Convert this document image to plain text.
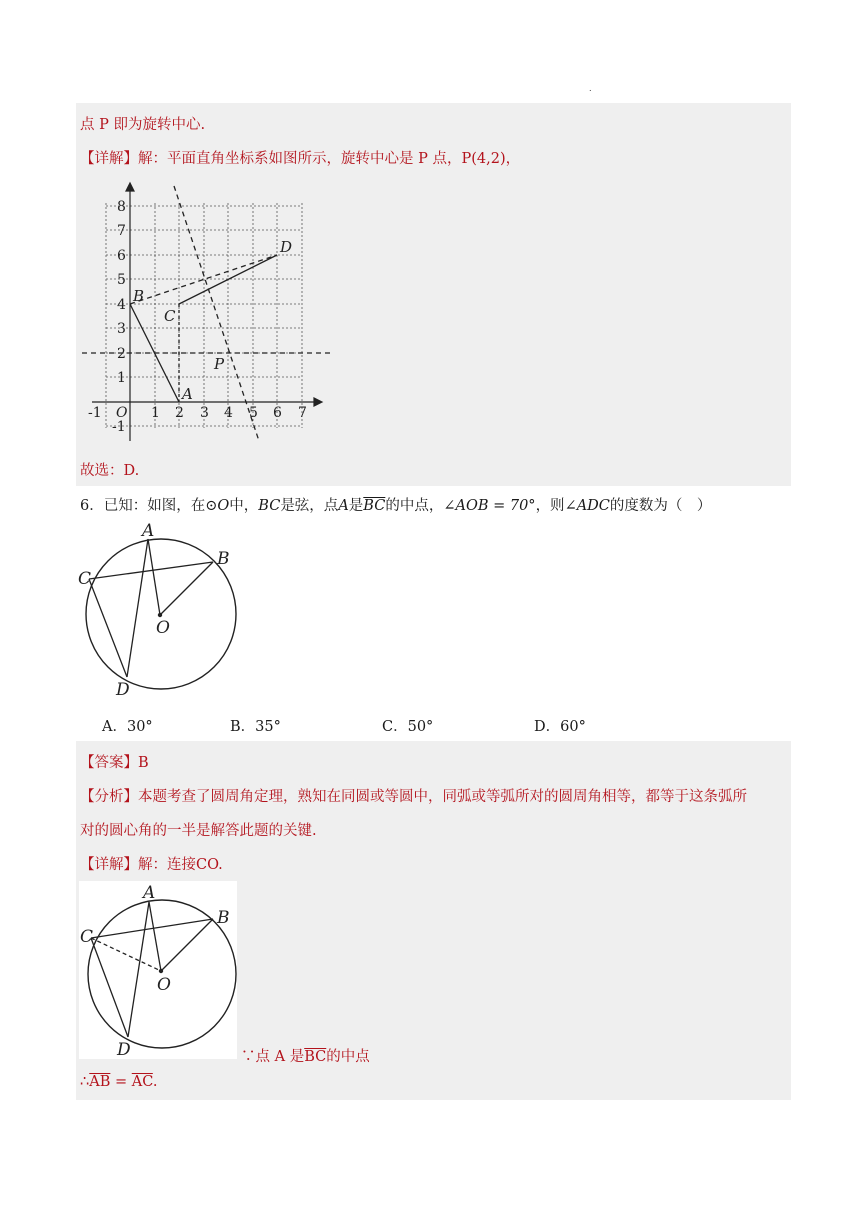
.
点 P 即为旋转中心.
【详解】解：平面直角坐标系如图所示，旋转中心是 P 点，P(4,2)，
-1	1 2 3 4 5 6 7
8
7
6
5
4
3
2
1
-1
O
A
B
C
D
P
故选：D.
6．已知：如图，在⊙O中，BC是弦，点A是$\overline{BC}$的中点，∠AOB = 70°，则∠ADC的度数为（　）
A
B
C
D
O
A．30°	B．35°	C．50°	D．60°
【答案】B
【分析】本题考查了圆周角定理，熟知在同圆或等圆中，同弧或等弧所对的圆周角相等，都等于这条弧所
对的圆心角的一半是解答此题的关键.
【详解】解：连接CO.
A
B
C
D
O
∵点 A 是$\overline{BC}$的中点
$\therefore\overline{AB} = \overline{AC}$.
